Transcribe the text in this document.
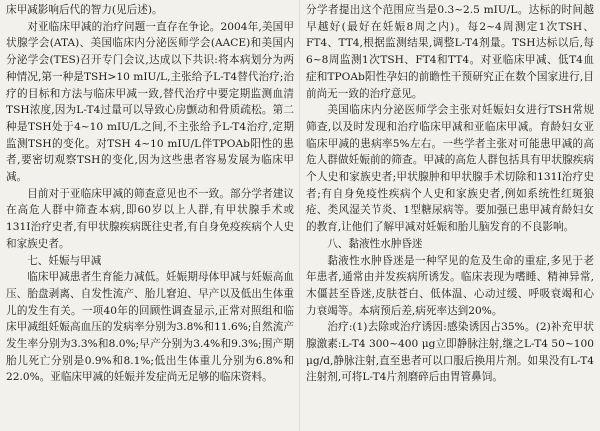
床甲减影响后代的智力(见后述)。

对亚临床甲减的治疗问题一直存在争论。2004年,美国甲状腺学会(ATA)、美国临床内分泌医师学会(AACE)和美国内分泌学会(TES)召开专门会议,达成以下共识:将本病划分为两种情况,第一种是TSH>10 mIU/L,主张给予L-T4替代治疗;治疗的目标和方法与临床甲减一致,替代治疗中要定期监测血清TSH浓度,因为L-T4过量可以导致心房颤动和骨质疏松。第二种是TSH处于4~10 mIU/L之间,不主张给予L-T4治疗,定期监测TSH的变化。对TSH 4~10 mIU/L伴TPOAb阳性的患者,要密切观察TSH的变化,因为这些患者容易发展为临床甲减。

目前对于亚临床甲减的筛查意见也不一致。部分学者建议在高危人群中筛查本病,即60岁以上人群,有甲状腺手术或131I治疗史者,有甲状腺疾病既往史者,有自身免疫疾病个人史和家族史者。

七、妊娠与甲减

临床甲减患者生育能力减低。妊娠期母体甲减与妊娠高血压、胎盘剥离、自发性流产、胎儿窘迫、早产以及低出生体重儿的发生有关。一项40年的回顾性调查显示,正常对照组和临床甲减组妊娠高血压的发病率分别为3.8%和11.6%;自然流产发生率分别为3.3%和8.0%;早产分别为3.4%和9.3%;围产期胎儿死亡分别是0.9%和8.1%;低出生体重儿分别为6.8%和22.0%。亚临床甲减的妊娠并发症尚无足够的临床资料。

分学者提出这个范围应当是0.3~2.5 mIU/L。达标的时间越早越好(最好在妊娠8周之内)。每2~4周测定1次TSH、FT4、TT4,根据监测结果,调整L-T4剂量。TSH达标以后,每6~8周监测1次TSH、FT4和TT4。对亚临床甲减、低T4血症和TPOAb阳性孕妇的前瞻性干预研究正在数个国家进行,目前尚无一致的治疗意见。

美国临床内分泌医师学会主张对妊娠妇女进行TSH常规筛查,以及时发现和治疗临床甲减和亚临床甲减。育龄妇女亚临床甲减的患病率5%左右。一些学者主张对可能患甲减的高危人群做妊娠前的筛查。甲减的高危人群包括具有甲状腺疾病个人史和家族史者;甲状腺肿和甲状腺手术切除和131I治疗史者;有自身免疫性疾病个人史和家族史者,例如系统性红斑狼疮、类风湿关节炎、1型糖尿病等。要加强已患甲减育龄妇女的教育,让他们了解甲减对妊娠和胎儿脑发育的不良影响。

八、黏液性水肿昏迷

黏液性水肿昏迷是一种罕见的危及生命的重症,多见于老年患者,通常由并发疾病所诱发。临床表现为嗜睡、精神异常,木僵甚至昏迷,皮肤苍白、低体温、心动过缓、呼吸衰竭和心力衰竭等。本病预后差,病死率达到20%。

治疗:(1)去除或治疗诱因:感染诱因占35%。(2)补充甲状腺激素:L-T4 300~400 μg立即静脉注射,继之L-T4 50~100 μg/d,静脉注射,直至患者可以口服后换用片剂。如果没有L-T4注射剂,可将L-T4片剂磨碎后由胃管鼻饲。
